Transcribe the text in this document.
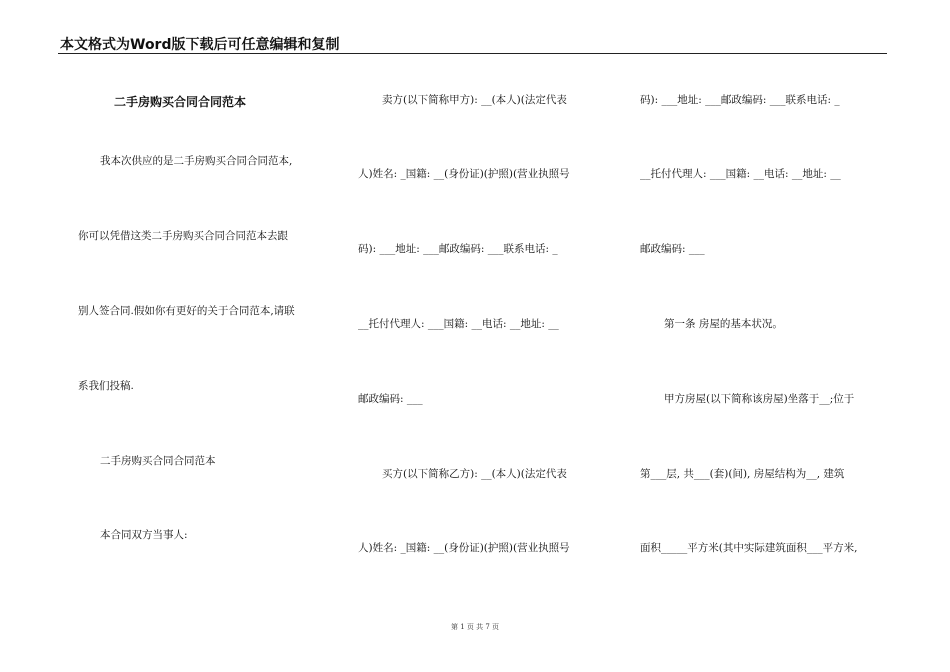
本文格式为Word版下载后可任意编辑和复制
二手房购买合同合同范本
我本次供应的是二手房购买合同合同范本,
你可以凭借这类二手房购买合同合同范本去跟
别人签合同.假如你有更好的关于合同范本,请联
系我们投稿.
二手房购买合同合同范本
本合同双方当事人:
卖方(以下简称甲方): __(本人)(法定代表
人)姓名: _国籍: __(身份证)(护照)(营业执照号
码): ___地址: ___邮政编码: ___联系电话: _
__托付代理人: ___国籍: __电话: __地址: __
邮政编码: ___
买方(以下简称乙方): __(本人)(法定代表
人)姓名: _国籍: __(身份证)(护照)(营业执照号
码): ___地址: ___邮政编码: ___联系电话: _
__托付代理人: ___国籍: __电话: __地址: __
邮政编码: ___
第一条 房屋的基本状况。
甲方房屋(以下简称该房屋)坐落于__;位于
第___层, 共___(套)(间), 房屋结构为__, 建筑
面积_____平方米(其中实际建筑面积___平方米,
第 1 页 共 7 页
